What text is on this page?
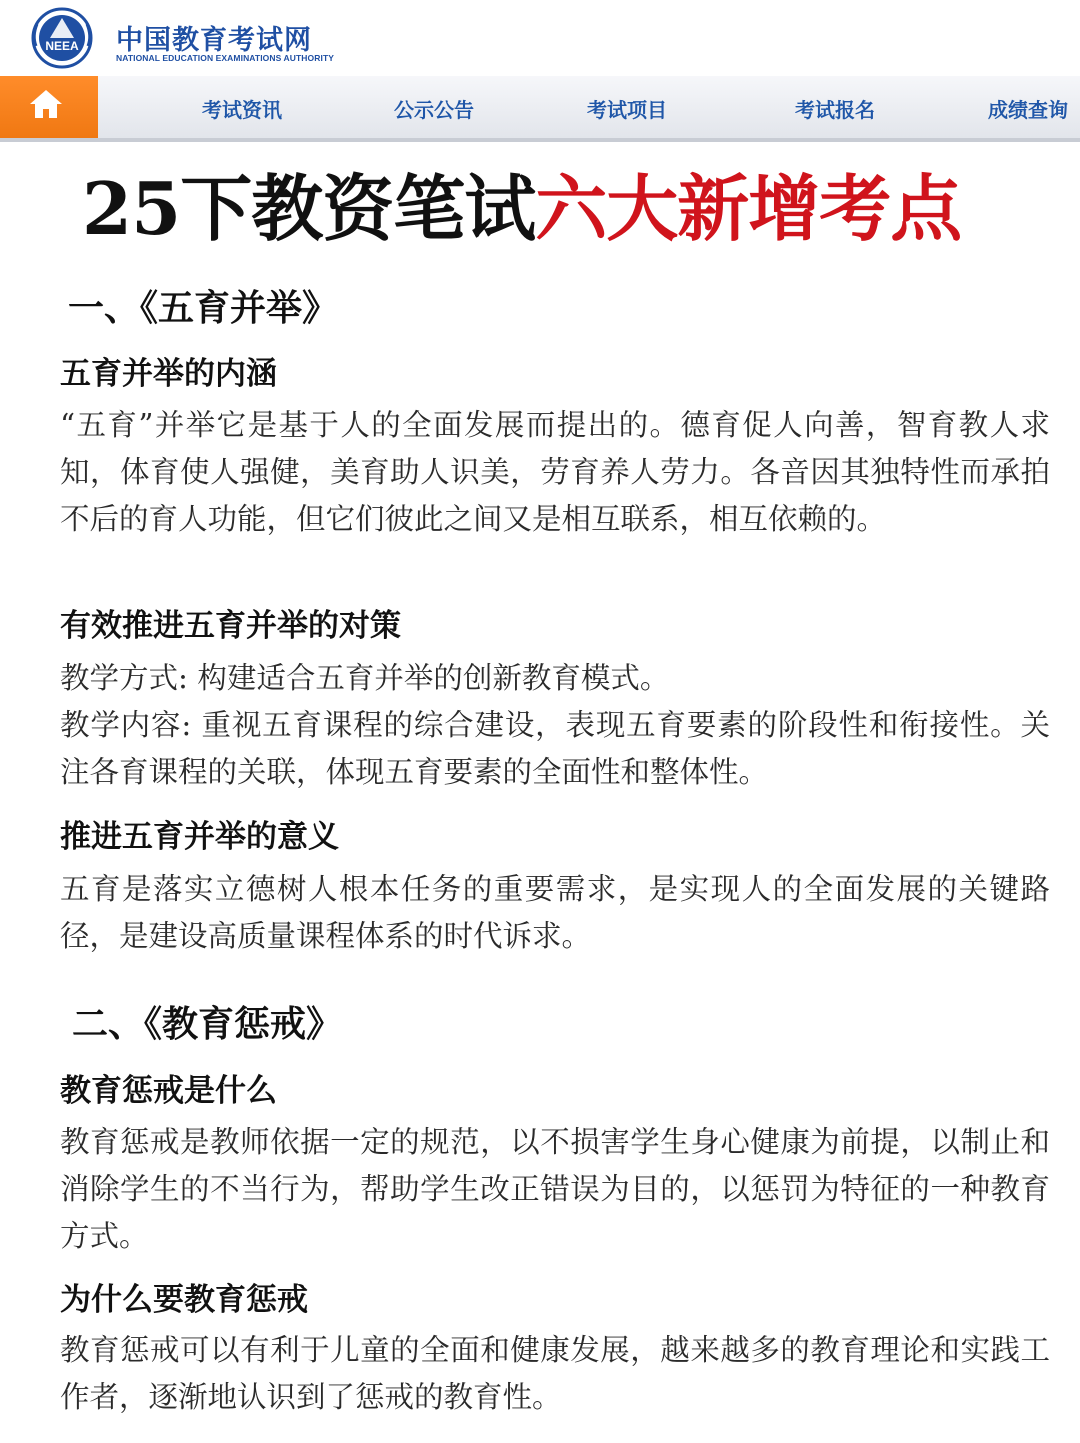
NEEA 中国教育考试网
NATIONAL EDUCATION EXAMINATIONS AUTHORITY
考试资讯	公示公告	考试项目	考试报名	成绩查询
25下教资笔试六大新增考点
一、《五育并举》
五育并举的内涵
“五育”并举它是基于人的全面发展而提出的。德育促人向善，智育教人求知，体育使人强健，美育助人识美，劳育养人劳力。各音因其独特性而承拍不后的育人功能，但它们彼此之间又是相互联系，相互依赖的。
有效推进五育并举的对策
教学方式: 构建适合五育并举的创新教育模式。
教学内容: 重视五育课程的综合建设，表现五育要素的阶段性和衔接性。关注各育课程的关联，体现五育要素的全面性和整体性。
推进五育并举的意义
五育是落实立德树人根本任务的重要需求，是实现人的全面发展的关键路径，是建设高质量课程体系的时代诉求。
二、《教育惩戒》
教育惩戒是什么
教育惩戒是教师依据一定的规范，以不损害学生身心健康为前提，以制止和消除学生的不当行为，帮助学生改正错误为目的，以惩罚为特征的一种教育方式。
为什么要教育惩戒
教育惩戒可以有利于儿童的全面和健康发展，越来越多的教育理论和实践工作者，逐渐地认识到了惩戒的教育性。
